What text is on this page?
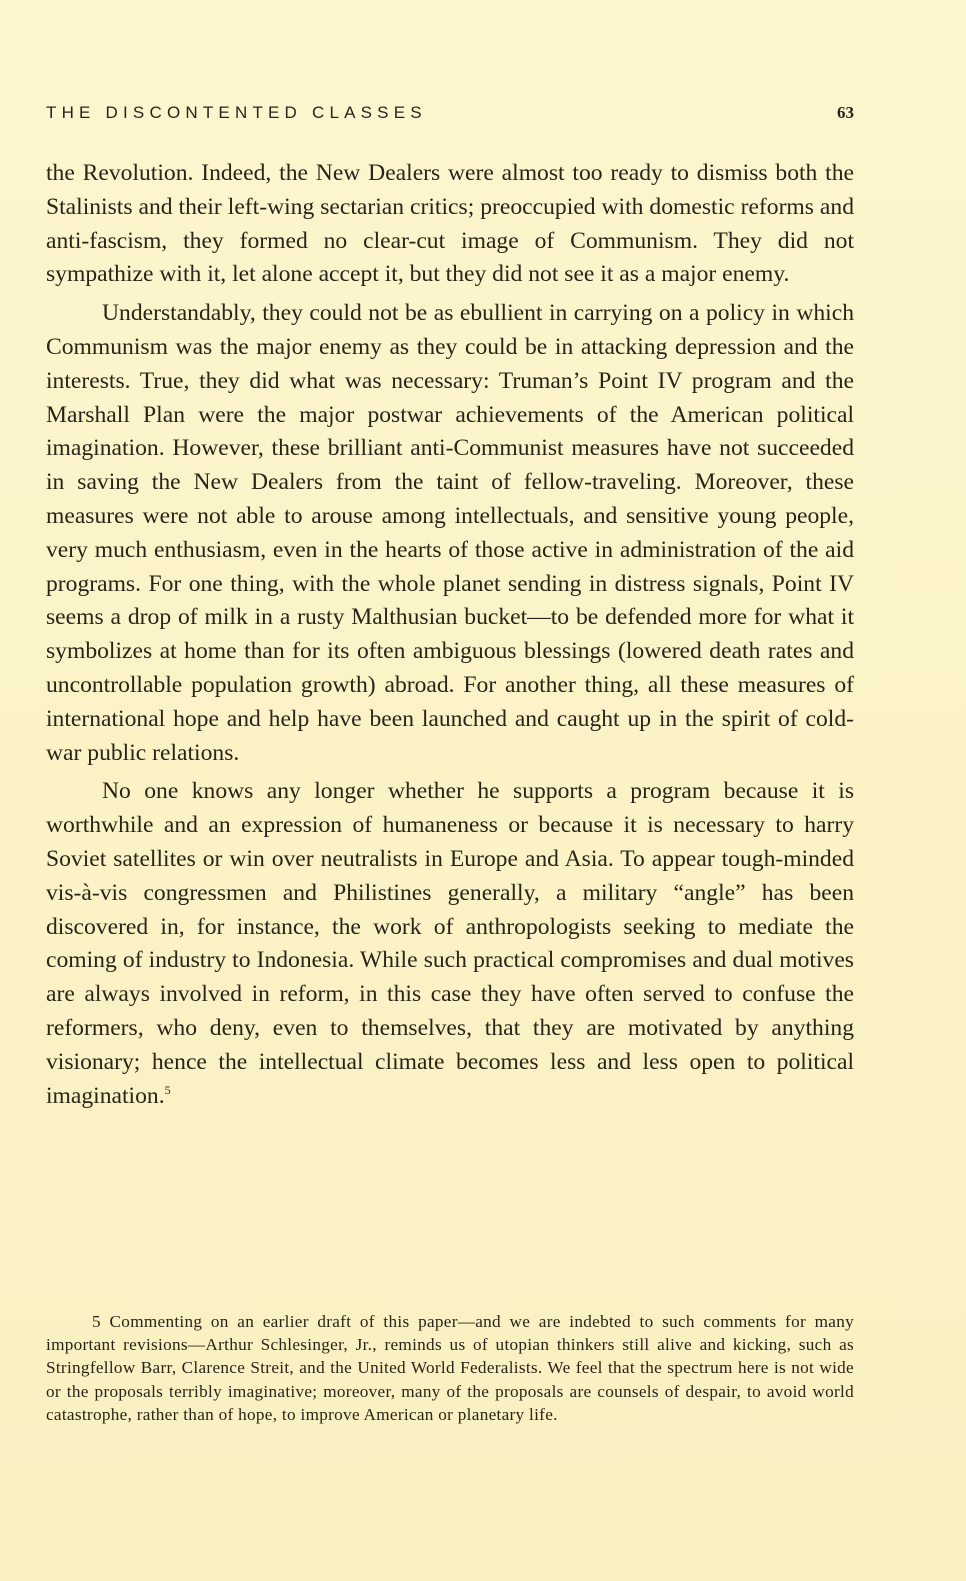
THE DISCONTENTED CLASSES	63

the Revolution. Indeed, the New Dealers were almost too ready to dismiss both the Stalinists and their left-wing sectarian critics; preoccupied with domestic reforms and anti-fascism, they formed no clear-cut image of Communism. They did not sympathize with it, let alone accept it, but they did not see it as a major enemy.

Understandably, they could not be as ebullient in carrying on a policy in which Communism was the major enemy as they could be in attacking depression and the interests. True, they did what was necessary: Truman’s Point IV program and the Marshall Plan were the major postwar achievements of the American political imagination. However, these brilliant anti-Communist measures have not succeeded in saving the New Dealers from the taint of fellow-traveling. Moreover, these measures were not able to arouse among intellectuals, and sensitive young people, very much enthusiasm, even in the hearts of those active in administration of the aid programs. For one thing, with the whole planet sending in distress signals, Point IV seems a drop of milk in a rusty Malthusian bucket—to be defended more for what it symbolizes at home than for its often ambiguous blessings (lowered death rates and uncontrollable population growth) abroad. For another thing, all these measures of international hope and help have been launched and caught up in the spirit of cold-war public relations.

No one knows any longer whether he supports a program because it is worthwhile and an expression of humaneness or because it is necessary to harry Soviet satellites or win over neutralists in Europe and Asia. To appear tough-minded vis-à-vis congressmen and Philistines generally, a military “angle” has been discovered in, for instance, the work of anthropologists seeking to mediate the coming of industry to Indonesia. While such practical compromises and dual motives are always involved in reform, in this case they have often served to confuse the reformers, who deny, even to themselves, that they are motivated by anything visionary; hence the intellectual climate becomes less and less open to political imagination.$^5$

5 Commenting on an earlier draft of this paper—and we are indebted to such comments for many important revisions—Arthur Schlesinger, Jr., reminds us of utopian thinkers still alive and kicking, such as Stringfellow Barr, Clarence Streit, and the United World Federalists. We feel that the spectrum here is not wide or the proposals terribly imaginative; moreover, many of the proposals are counsels of despair, to avoid world catastrophe, rather than of hope, to improve American or planetary life.
